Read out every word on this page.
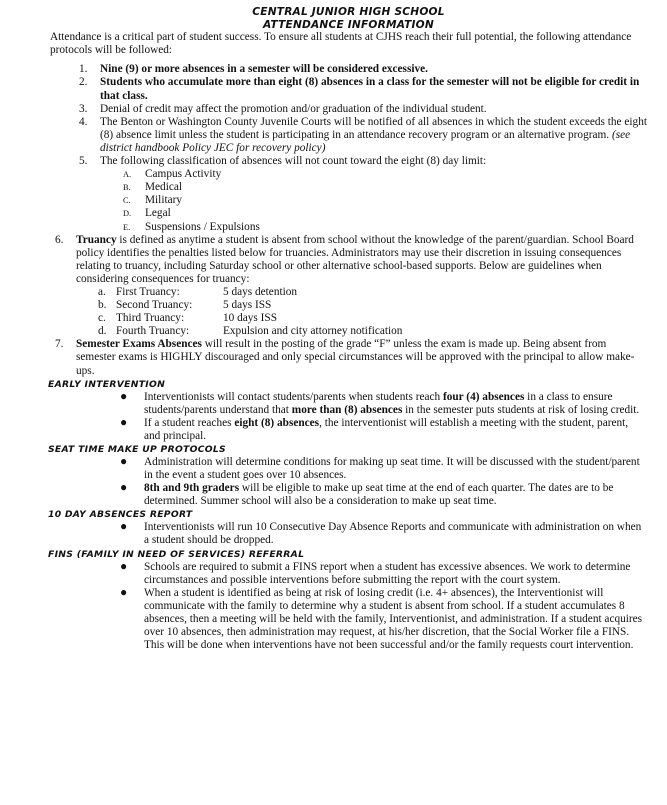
CENTRAL JUNIOR HIGH SCHOOL
ATTENDANCE INFORMATION

Attendance is a critical part of student success. To ensure all students at CJHS reach their full potential, the following attendance protocols will be followed:

1. Nine (9) or more absences in a semester will be considered excessive.
2. Students who accumulate more than eight (8) absences in a class for the semester will not be eligible for credit in that class.
3. Denial of credit may affect the promotion and/or graduation of the individual student.
4. The Benton or Washington County Juvenile Courts will be notified of all absences in which the student exceeds the eight (8) absence limit unless the student is participating in an attendance recovery program or an alternative program. (see district handbook Policy JEC for recovery policy)
5. The following classification of absences will not count toward the eight (8) day limit:
A. Campus Activity
B. Medical
C. Military
D. Legal
E. Suspensions / Expulsions
6. Truancy is defined as anytime a student is absent from school without the knowledge of the parent/guardian. School Board policy identifies the penalties listed below for truancies. Administrators may use their discretion in issuing consequences relating to truancy, including Saturday school or other alternative school-based supports. Below are guidelines when considering consequences for truancy:
a. First Truancy:	5 days detention
b. Second Truancy:	5 days ISS
c. Third Truancy:	10 days ISS
d. Fourth Truancy:	Expulsion and city attorney notification
7. Semester Exams Absences will result in the posting of the grade “F” unless the exam is made up. Being absent from semester exams is HIGHLY discouraged and only special circumstances will be approved with the principal to allow make-ups.
EARLY INTERVENTION
● Interventionists will contact students/parents when students reach four (4) absences in a class to ensure students/parents understand that more than (8) absences in the semester puts students at risk of losing credit.
● If a student reaches eight (8) absences, the interventionist will establish a meeting with the student, parent, and principal.
SEAT TIME MAKE UP PROTOCOLS
● Administration will determine conditions for making up seat time. It will be discussed with the student/parent in the event a student goes over 10 absences.
● 8th and 9th graders will be eligible to make up seat time at the end of each quarter. The dates are to be determined. Summer school will also be a consideration to make up seat time.
10 DAY ABSENCES REPORT
● Interventionists will run 10 Consecutive Day Absence Reports and communicate with administration on when a student should be dropped.
FINS (FAMILY IN NEED OF SERVICES) REFERRAL
● Schools are required to submit a FINS report when a student has excessive absences. We work to determine circumstances and possible interventions before submitting the report with the court system.
● When a student is identified as being at risk of losing credit (i.e. 4+ absences), the Interventionist will communicate with the family to determine why a student is absent from school. If a student accumulates 8 absences, then a meeting will be held with the family, Interventionist, and administration. If a student acquires over 10 absences, then administration may request, at his/her discretion, that the Social Worker file a FINS. This will be done when interventions have not been successful and/or the family requests court intervention.
